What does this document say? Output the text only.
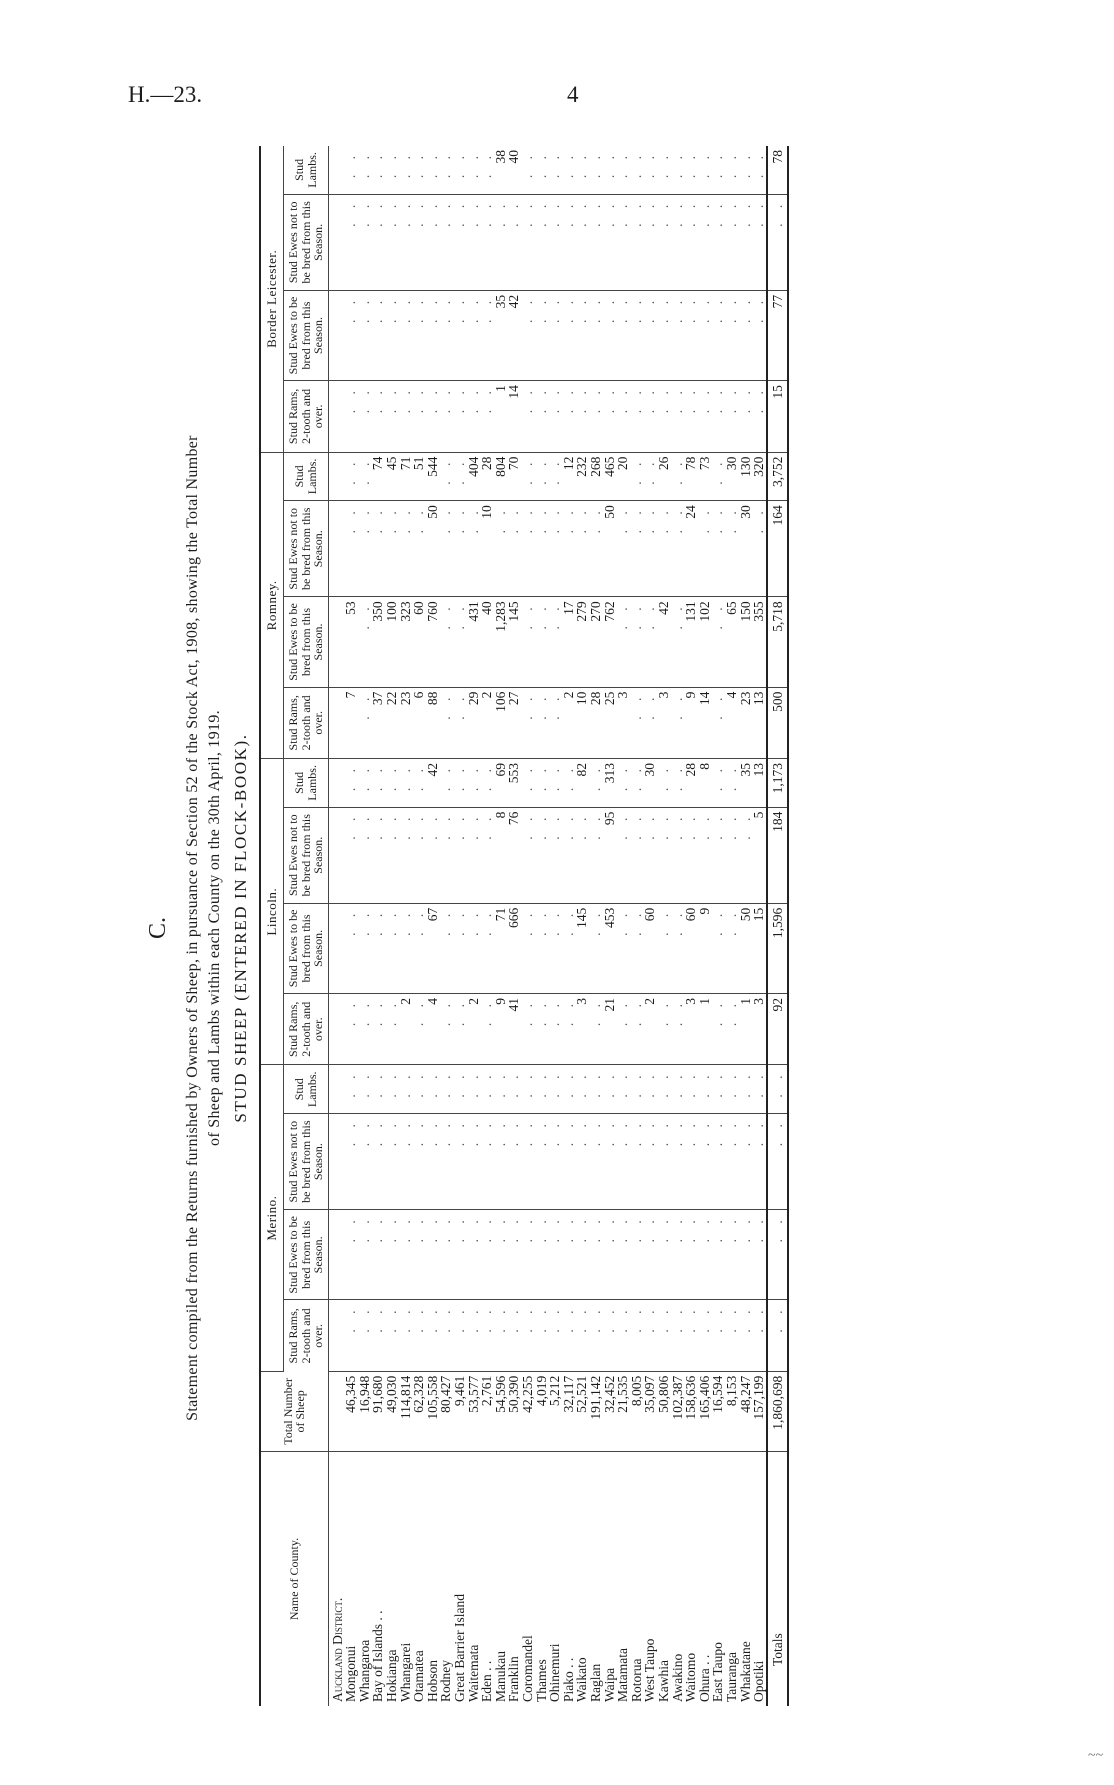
H.—23.	4
~~
C. Statement compiled from the Returns furnished by Owners of Sheep, in pursuance of Section 52 of the Stock Act, 1908, showing the Total Number of Sheep and Lambs within each County on the 30th April, 1919. STUD SHEEP (ENTERED IN FLOCK-BOOK).
Name of County.	Total Number of Sheep	Merino.				Lincoln.				Romney.				Border Leicester.			
		Stud Rams, 2-tooth and over.	Stud Ewes to be bred from this Season.	Stud Ewes not to be bred from this Season.	Stud Lambs.	Stud Rams, 2-tooth and over.	Stud Ewes to be bred from this Season.	Stud Ewes not to be bred from this Season.	Stud Lambs.	Stud Rams, 2-tooth and over.	Stud Ewes to be bred from this Season.	Stud Ewes not to be bred from this Season.	Stud Lambs.	Stud Rams, 2-tooth and over.	Stud Ewes to be bred from this Season.	Stud Ewes not to be bred from this Season.	Stud Lambs.
Auckland District.																	
Mongonui	46,345	. .	. .	. .	. .	. .	. .	. .	. .	7	53	. .	. .	. .	. .	. .	. .
Whangaroa	16,948	. .	. .	. .	. .	. .	. .	. .	. .	. .	. .	. .	. .	. .	. .	. .	. .
Bay of Islands . .	91,680	. .	. .	. .	. .	. .	. .	. .	. .	37	350	. .	74	. .	. .	. .	. .
Hokianga	49,030	. .	. .	. .	. .	. .	. .	. .	. .	22	100	. .	45	. .	. .	. .	. .
Whangarei	114,814	. .	. .	. .	. .	2	. .	. .	. .	23	323	. .	71	. .	. .	. .	. .
Otamatea	62,328	. .	. .	. .	. .	. .	. .	. .	. .	6	60	. .	51	. .	. .	. .	. .
Hobson	105,558	. .	. .	. .	. .	4	67	. .	42	88	760	50	544	. .	. .	. .	. .
Rodney	80,427	. .	. .	. .	. .	. .	. .	. .	. .	. .	. .	. .	. .	. .	. .	. .	. .
Great Barrier Island	9,461	. .	. .	. .	. .	. .	. .	. .	. .	. .	. .	. .	. .	. .	. .	. .	. .
Waitemata	53,577	. .	. .	. .	. .	2	. .	. .	. .	29	431	. .	404	. .	. .	. .	. .
Eden . .	2,761	. .	. .	. .	. .	. .	. .	. .	. .	2	40	10	28	. .	. .	. .	. .
Manukau	54,596	. .	. .	. .	. .	9	71	8	69	106	1,283	. .	804	1	35	. .	38
Franklin	50,390	. .	. .	. .	. .	41	666	76	553	27	145	. .	70	14	42	. .	40
Coromandel	42,255	. .	. .	. .	. .	. .	. .	. .	. .	. .	. .	. .	. .	. .	. .	. .	. .
Thames	4,019	. .	. .	. .	. .	. .	. .	. .	. .	. .	. .	. .	. .	. .	. .	. .	. .
Ohinemuri	5,212	. .	. .	. .	. .	. .	. .	. .	. .	. .	. .	. .	. .	. .	. .	. .	. .
Piako . .	32,117	. .	. .	. .	. .	. .	. .	. .	. .	2	17	. .	12	. .	. .	. .	. .
Waikato	52,521	. .	. .	. .	. .	3	145	. .	82	10	279	. .	232	. .	. .	. .	. .
Raglan	191,142	. .	. .	. .	. .	. .	. .	. .	. .	28	270	. .	268	. .	. .	. .	. .
Waipa	32,452	. .	. .	. .	. .	21	453	95	313	25	762	50	465	. .	. .	. .	. .
Matamata	21,535	. .	. .	. .	. .	. .	. .	. .	. .	3	. .	. .	20	. .	. .	. .	. .
Rotorua	8,005	. .	. .	. .	. .	. .	. .	. .	. .	. .	. .	. .	. .	. .	. .	. .	. .
West Taupo	35,097	. .	. .	. .	. .	2	60	. .	30	. .	. .	. .	. .	. .	. .	. .	. .
Kawhia	50,806	. .	. .	. .	. .	. .	. .	. .	. .	3	42	. .	26	. .	. .	. .	. .
Awakino	102,387	. .	. .	. .	. .	. .	. .	. .	. .	. .	. .	. .	. .	. .	. .	. .	. .
Waitomo	158,636	. .	. .	. .	. .	3	60	. .	28	9	131	24	78	. .	. .	. .	. .
Ohura . .	165,406	. .	. .	. .	. .	1	9	. .	8	14	102	. .	73	. .	. .	. .	. .
East Taupo	16,594	. .	. .	. .	. .	. .	. .	. .	. .	. .	. .	. .	. .	. .	. .	. .	. .
Tauranga	8,153	. .	. .	. .	. .	. .	. .	. .	. .	4	65	. .	30	. .	. .	. .	. .
Whakatane	48,247	. .	. .	. .	. .	1	50	. .	35	23	150	30	130	. .	. .	. .	. .
Opotiki	157,199	. .	. .	. .	. .	3	15	5	13	13	355	. .	320	. .	. .	. .	. .
Totals	1,860,698	. .	. .	. .	. .	92	1,596	184	1,173	500	5,718	164	3,752	15	77	. .	78
